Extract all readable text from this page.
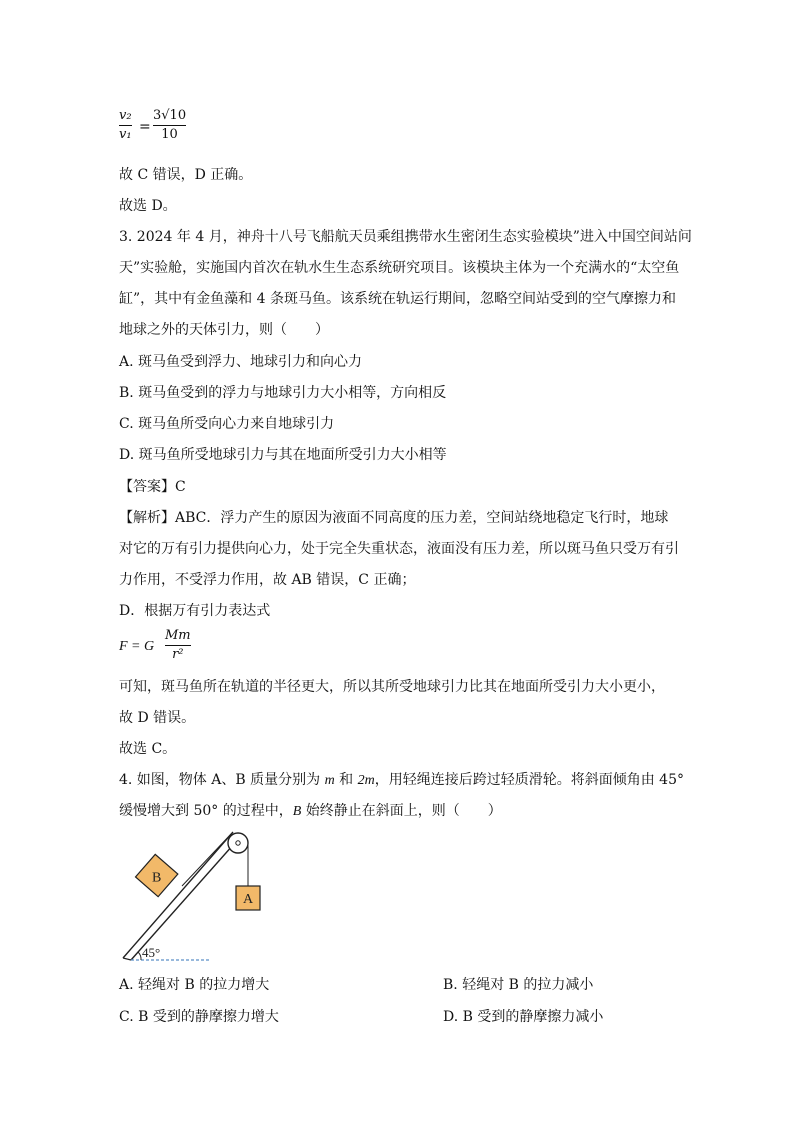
v₂
v₁ =
3√10
10
故 C 错误，D 正确。
故选 D。
3. 2024 年 4 月，神舟十八号飞船航天员乘组携带水生密闭生态实验模块”进入中国空间站问
天”实验舱，实施国内首次在轨水生生态系统研究项目。该模块主体为一个充满水的“太空鱼
缸”，其中有金鱼藻和 4 条斑马鱼。该系统在轨运行期间，忽略空间站受到的空气摩擦力和
地球之外的天体引力，则（　　）
A. 斑马鱼受到浮力、地球引力和向心力
B. 斑马鱼受到的浮力与地球引力大小相等，方向相反
C. 斑马鱼所受向心力来自地球引力
D. 斑马鱼所受地球引力与其在地面所受引力大小相等
【答案】C
【解析】ABC．浮力产生的原因为液面不同高度的压力差，空间站绕地稳定飞行时，地球
对它的万有引力提供向心力，处于完全失重状态，液面没有压力差，所以斑马鱼只受万有引
力作用，不受浮力作用，故 AB 错误，C 正确；
D．根据万有引力表达式
F = G
Mm
r²
可知，斑马鱼所在轨道的半径更大，所以其所受地球引力比其在地面所受引力大小更小，
故 D 错误。
故选 C。
4. 如图，物体 A、B 质量分别为 m 和 2m，用轻绳连接后跨过轻质滑轮。将斜面倾角由 45°
缓慢增大到 50° 的过程中，B 始终静止在斜面上，则（　　）
B
A
45°
A. 轻绳对 B 的拉力增大	B. 轻绳对 B 的拉力减小
C. B 受到的静摩擦力增大	D. B 受到的静摩擦力减小
